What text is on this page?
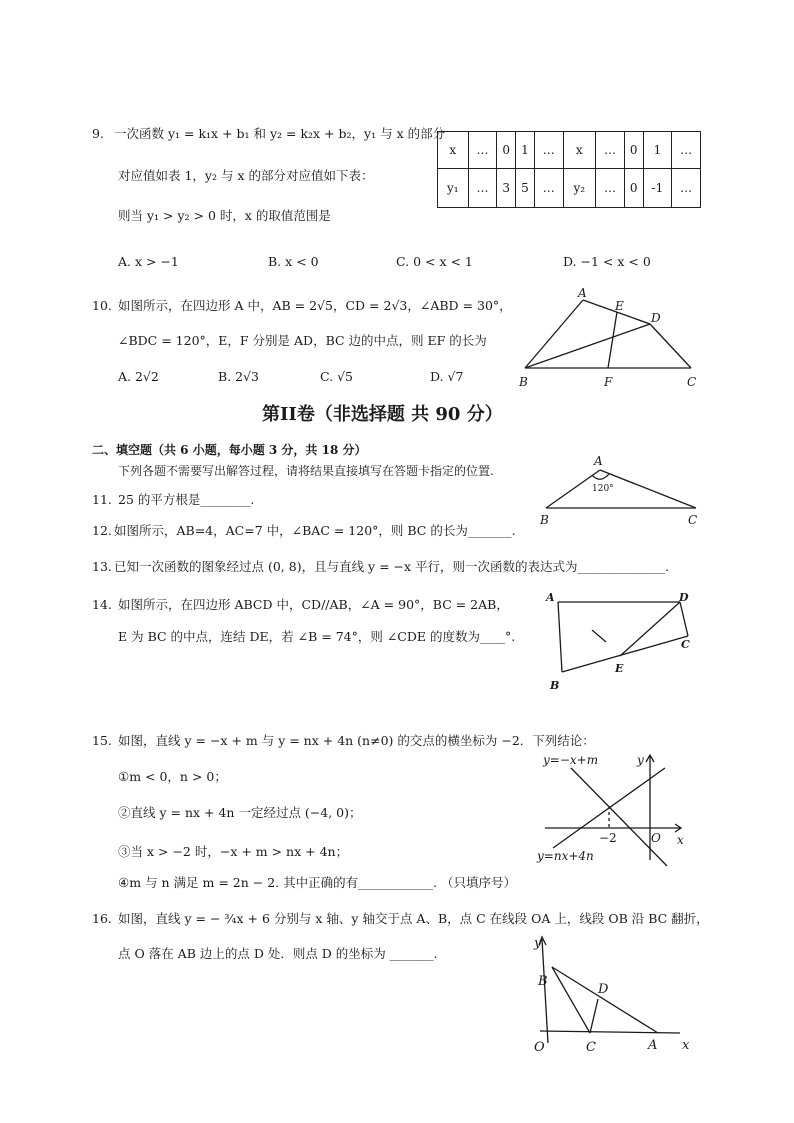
9. 一次函数 y₁ = k₁x + b₁ 和 y₂ = k₂x + b₂，y₁ 与 x 的部分
对应值如表 1，y₂ 与 x 的部分对应值如下表：
则当 y₁ > y₂ > 0 时，x 的取值范围是
A. x > −1	B. x < 0	C. 0 < x < 1	D. −1 < x < 0
x	…	0	1	…	x	…	0	1	…
y₁	…	3	5	…	y₂	…	0	-1	…
10. 如图所示，在四边形 A 中，AB = 2√5，CD = 2√3，∠ABD = 30°，
∠BDC = 120°，E，F 分别是 AD，BC 边的中点，则 EF 的长为
A. 2√2	B. 2√3	C. √5	D. √7
A
E
D
B	F	C
第II卷（非选择题 共 90 分）
二、填空题（共 6 小题，每小题 3 分，共 18 分）
下列各题不需要写出解答过程，请将结果直接填写在答题卡指定的位置.
11. 25 的平方根是________.
12. 如图所示，AB=4，AC=7 中，∠BAC = 120°，则 BC 的长为_______.
A
B	C
120°
13. 已知一次函数的图象经过点 (0, 8)，且与直线 y = −x 平行，则一次函数的表达式为______________.
14. 如图所示，在四边形 ABCD 中，CD//AB，∠A = 90°，BC = 2AB，
E 为 BC 的中点，连结 DE，若 ∠B = 74°，则 ∠CDE 的度数为____°.
A	D
C
E
B
15. 如图，直线 y = −x + m 与 y = nx + 4n (n≠0) 的交点的横坐标为 −2．下列结论：
①m < 0，n > 0；
②直线 y = nx + 4n 一定经过点 (−4, 0)；
③当 x > −2 时，−x + m > nx + 4n；
④m 与 n 满足 m = 2n − 2. 其中正确的有____________. （只填序号）
y=−x+m
y=nx+4n
y
x
O
−2
16. 如图，直线 y = − ¾x + 6 分别与 x 轴、y 轴交于点 A、B，点 C 在线段 OA 上，线段 OB 沿 BC 翻折，
点 O 落在 AB 边上的点 D 处．则点 D 的坐标为 _______.
y
B
D
O	C	A x
